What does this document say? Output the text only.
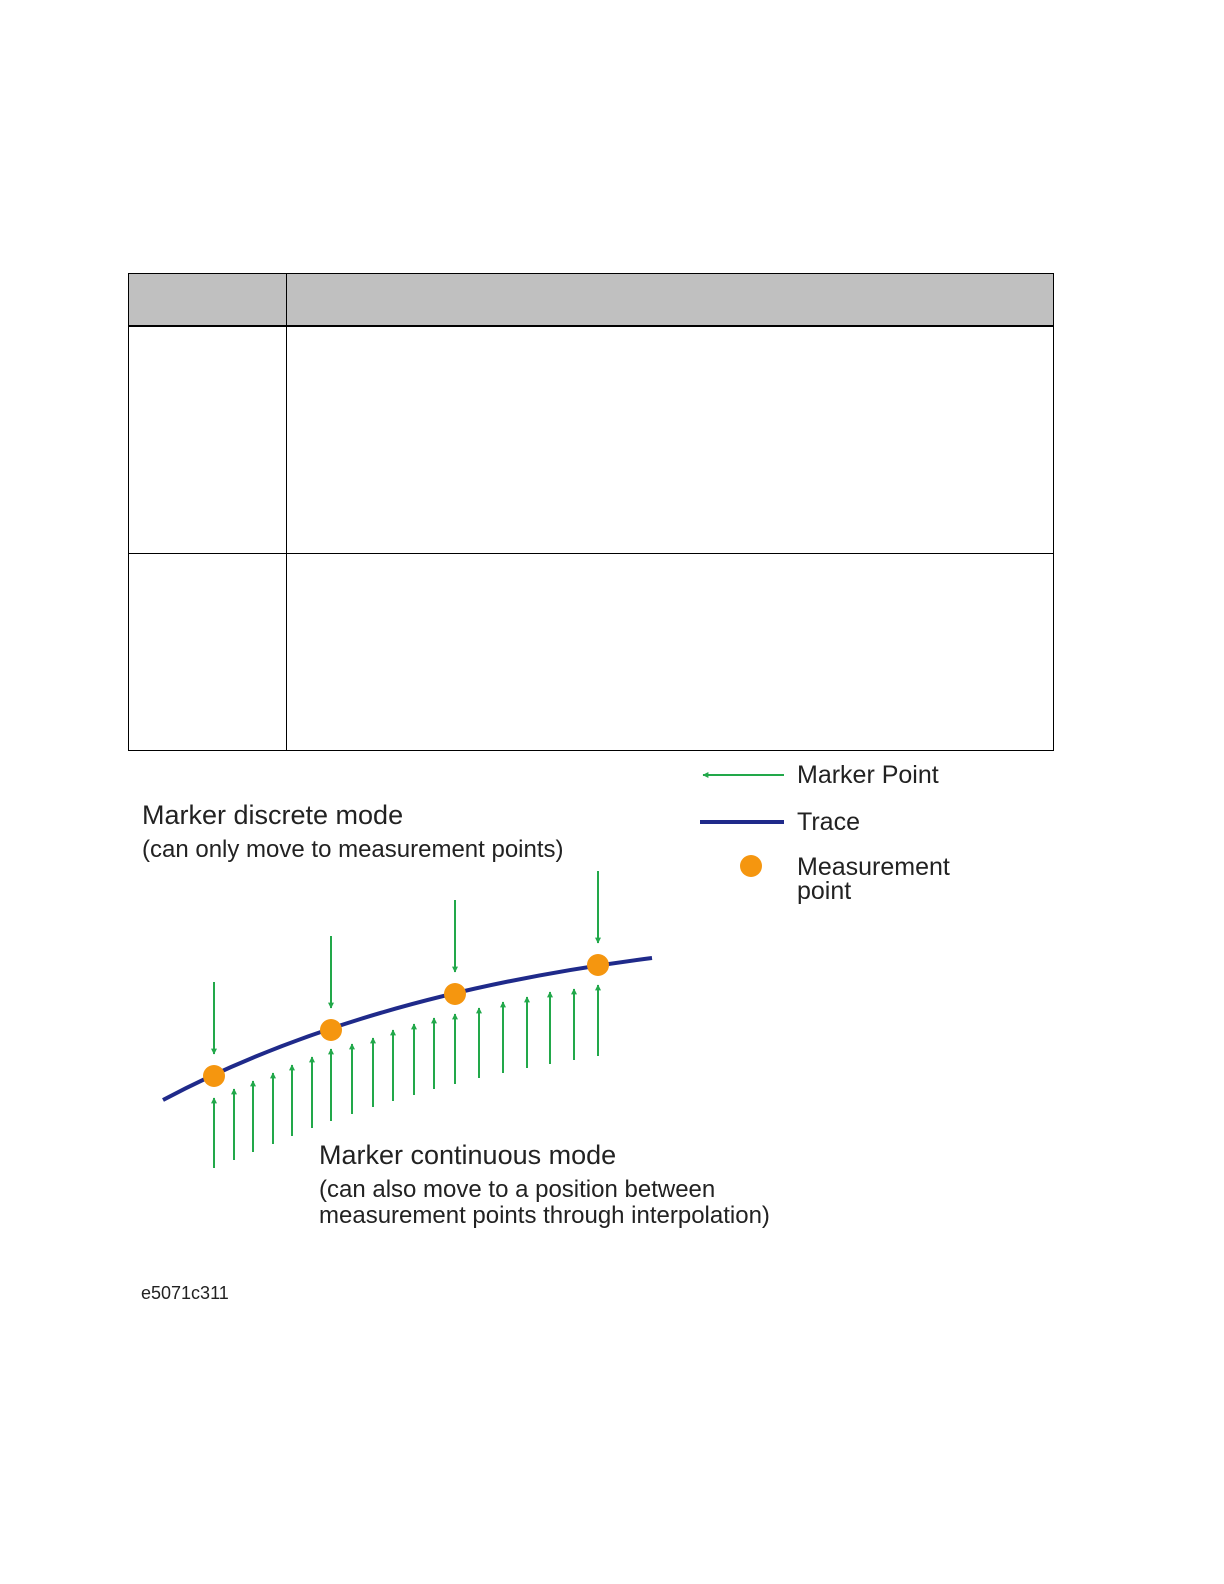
Marker discrete mode
(can only move to measurement points)
Marker continuous mode
(can also move to a position between
measurement points through interpolation)
Marker Point
Trace
Measurement
point
e5071c311
